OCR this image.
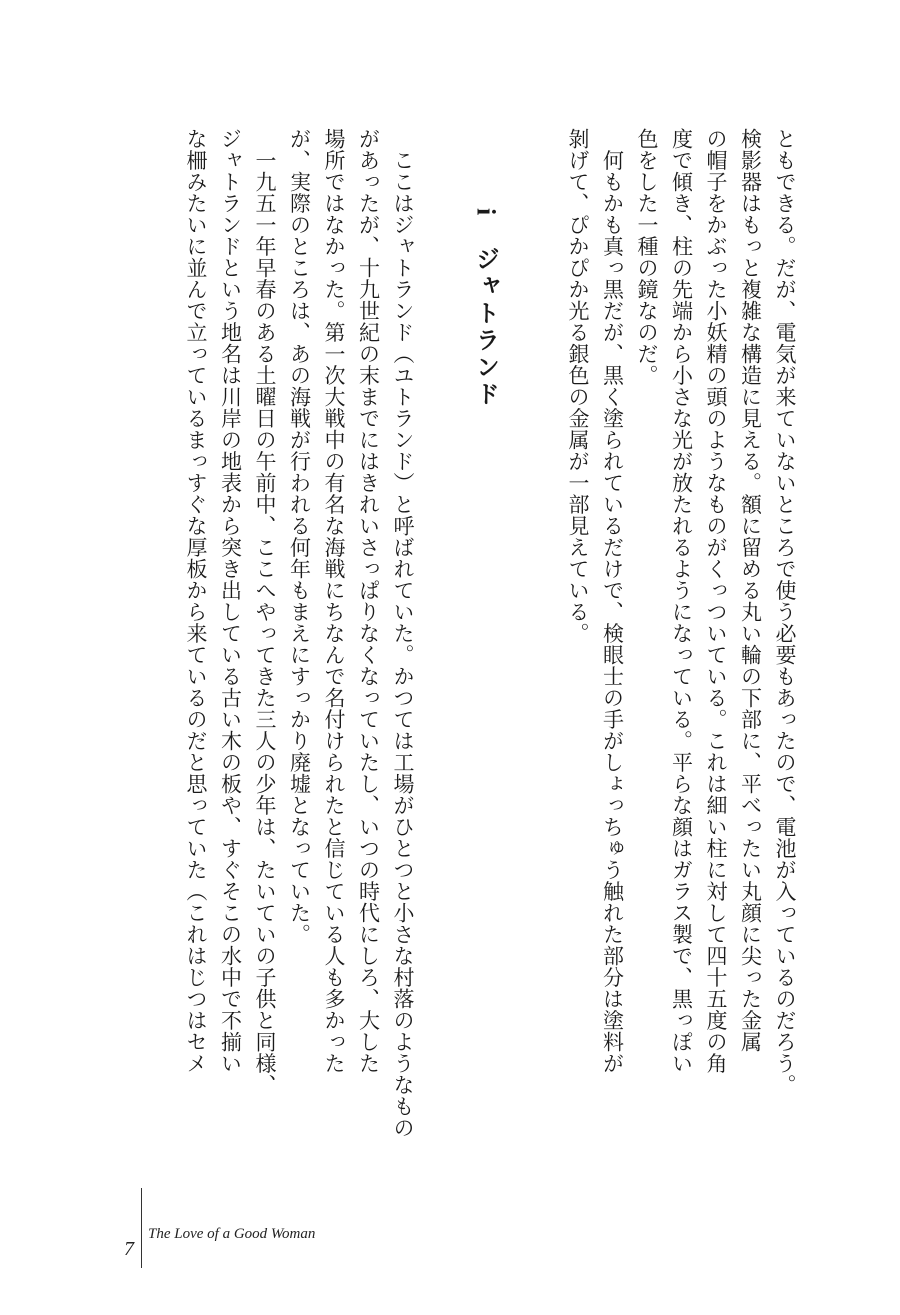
ともできる。だが、電気が来ていないところで使う必要もあったので、電池が入っているのだろう。
検影器はもっと複雑な構造に見える。額に留める丸い輪の下部に、平べったい丸顔に尖った金属
の帽子をかぶった小妖精の頭のようなものがくっついている。これは細い柱に対して四十五度の角
度で傾き、柱の先端から小さな光が放たれるようになっている。平らな顔はガラス製で、黒っぽい
色をした一種の鏡なのだ。
　何もかも真っ黒だが、黒く塗られているだけで、検眼士の手がしょっちゅう触れた部分は塗料が
剝げて、ぴかぴか光る銀色の金属が一部見えている。
iジャトランド
　ここはジャトランド（ユトランド）と呼ばれていた。かつては工場がひとつと小さな村落のようなもの
があったが、十九世紀の末までにはきれいさっぱりなくなっていたし、いつの時代にしろ、大した
場所ではなかった。第一次大戦中の有名な海戦にちなんで名付けられたと信じている人も多かった
が、実際のところは、あの海戦が行われる何年もまえにすっかり廃墟となっていた。
　一九五一年早春のある土曜日の午前中、ここへやってきた三人の少年は、たいていの子供と同様、
ジャトランドという地名は川岸の地表から突き出している古い木の板や、すぐそこの水中で不揃い
な柵みたいに並んで立っているまっすぐな厚板から来ているのだと思っていた（これはじつはセメ
7
The Love of a Good Woman
